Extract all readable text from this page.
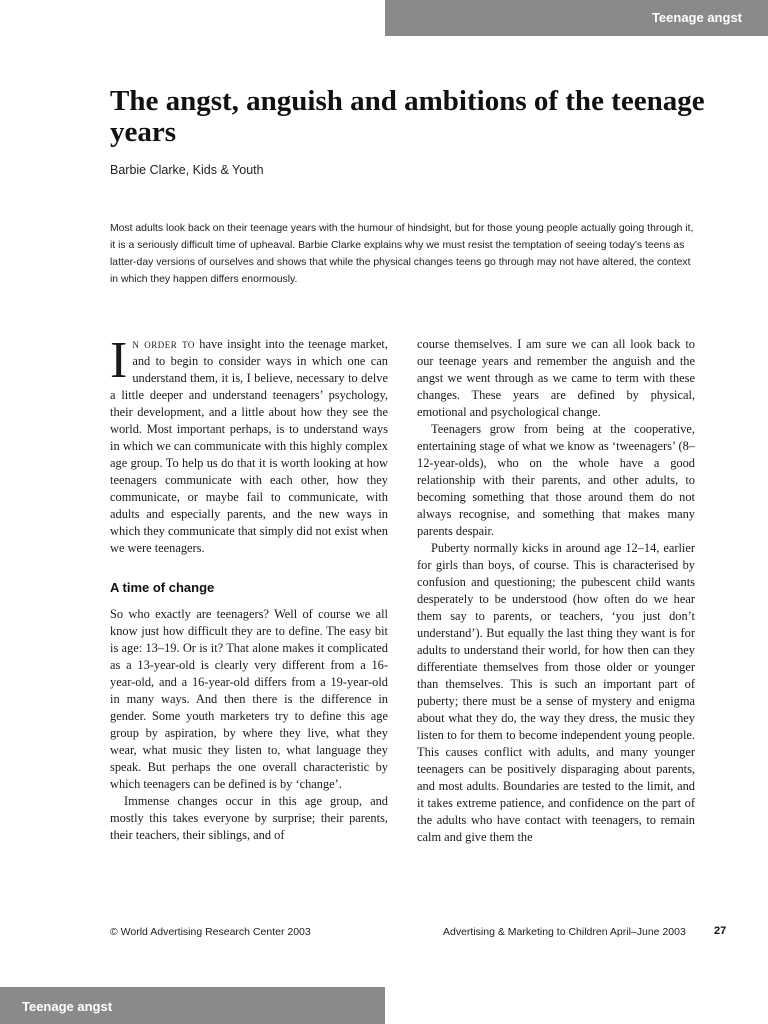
Teenage angst
The angst, anguish and ambitions of the teenage years
Barbie Clarke, Kids & Youth

Most adults look back on their teenage years with the humour of hindsight, but for those young people actually going through it, it is a seriously difficult time of upheaval. Barbie Clarke explains why we must resist the temptation of seeing today’s teens as latter-day versions of ourselves and shows that while the physical changes teens go through may not have altered, the context in which they happen differs enormously.

In order to have insight into the teenage market, and to begin to consider ways in which one can understand them, it is, I believe, necessary to delve a little deeper and understand teenagers’ psychology, their development, and a little about how they see the world. Most important perhaps, is to understand ways in which we can communicate with this highly complex age group. To help us do that it is worth looking at how teenagers communicate with each other, how they communicate, or maybe fail to communicate, with adults and especially parents, and the new ways in which they communicate that simply did not exist when we were teenagers.

A time of change

So who exactly are teenagers? Well of course we all know just how difficult they are to define. The easy bit is age: 13–19. Or is it? That alone makes it complicated as a 13-year-old is clearly very different from a 16-year-old, and a 16-year-old differs from a 19-year-old in many ways. And then there is the difference in gender. Some youth marketers try to define this age group by aspiration, by where they live, what they wear, what music they listen to, what language they speak. But perhaps the one overall characteristic by which teenagers can be defined is by ‘change’.

Immense changes occur in this age group, and mostly this takes everyone by surprise; their parents, their teachers, their siblings, and of

course themselves. I am sure we can all look back to our teenage years and remember the anguish and the angst we went through as we came to term with these changes. These years are defined by physical, emotional and psychological change.

Teenagers grow from being at the cooperative, entertaining stage of what we know as ‘tweenagers’ (8–12-year-olds), who on the whole have a good relationship with their parents, and other adults, to becoming something that those around them do not always recognise, and something that makes many parents despair.

Puberty normally kicks in around age 12–14, earlier for girls than boys, of course. This is characterised by confusion and questioning; the pubescent child wants desperately to be understood (how often do we hear them say to parents, or teachers, ‘you just don’t understand’). But equally the last thing they want is for adults to understand their world, for how then can they differentiate themselves from those older or younger than themselves. This is such an important part of puberty; there must be a sense of mystery and enigma about what they do, the way they dress, the music they listen to for them to become independent young people. This causes conflict with adults, and many younger teenagers can be positively disparaging about parents, and most adults. Boundaries are tested to the limit, and it takes extreme patience, and confidence on the part of the adults who have contact with teenagers, to remain calm and give them the

© World Advertising Research Center 2003	Advertising & Marketing to Children April–June 2003	27
Teenage angst
